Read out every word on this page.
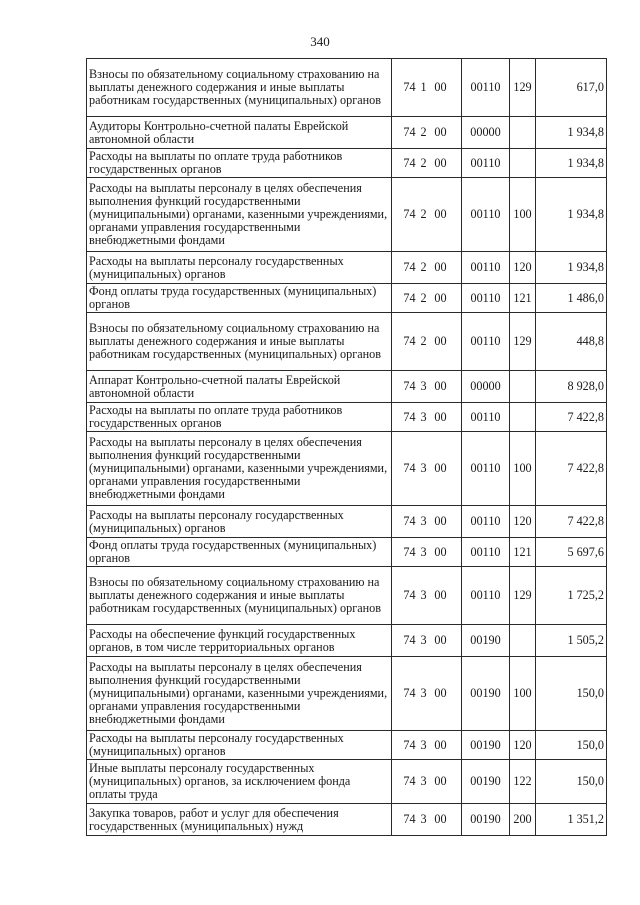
340
Взносы по обязательному социальному страхованию на выплаты денежного содержания и иные выплаты работникам государственных (муниципальных) органов	74 1 00	00110	129	617,0
Аудиторы Контрольно-счетной палаты Еврейской автономной области	74 2 00	00000		1 934,8
Расходы на выплаты по оплате труда работников государственных органов	74 2 00	00110		1 934,8
Расходы на выплаты персоналу в целях обеспечения выполнения функций государственными (муниципальными) органами, казенными учреждениями, органами управления государственными внебюджетными фондами	74 2 00	00110	100	1 934,8
Расходы на выплаты персоналу государственных (муниципальных) органов	74 2 00	00110	120	1 934,8
Фонд оплаты труда государственных (муниципальных) органов	74 2 00	00110	121	1 486,0
Взносы по обязательному социальному страхованию на выплаты денежного содержания и иные выплаты работникам государственных (муниципальных) органов	74 2 00	00110	129	448,8
Аппарат Контрольно-счетной палаты Еврейской автономной области	74 3 00	00000		8 928,0
Расходы на выплаты по оплате труда работников государственных органов	74 3 00	00110		7 422,8
Расходы на выплаты персоналу в целях обеспечения выполнения функций государственными (муниципальными) органами, казенными учреждениями, органами управления государственными внебюджетными фондами	74 3 00	00110	100	7 422,8
Расходы на выплаты персоналу государственных (муниципальных) органов	74 3 00	00110	120	7 422,8
Фонд оплаты труда государственных (муниципальных) органов	74 3 00	00110	121	5 697,6
Взносы по обязательному социальному страхованию на выплаты денежного содержания и иные выплаты работникам государственных (муниципальных) органов	74 3 00	00110	129	1 725,2
Расходы на обеспечение функций государственных органов, в том числе территориальных органов	74 3 00	00190		1 505,2
Расходы на выплаты персоналу в целях обеспечения выполнения функций государственными (муниципальными) органами, казенными учреждениями, органами управления государственными внебюджетными фондами	74 3 00	00190	100	150,0
Расходы на выплаты персоналу государственных (муниципальных) органов	74 3 00	00190	120	150,0
Иные выплаты персоналу государственных (муниципальных) органов, за исключением фонда оплаты труда	74 3 00	00190	122	150,0
Закупка товаров, работ и услуг для обеспечения государственных (муниципальных) нужд	74 3 00	00190	200	1 351,2
